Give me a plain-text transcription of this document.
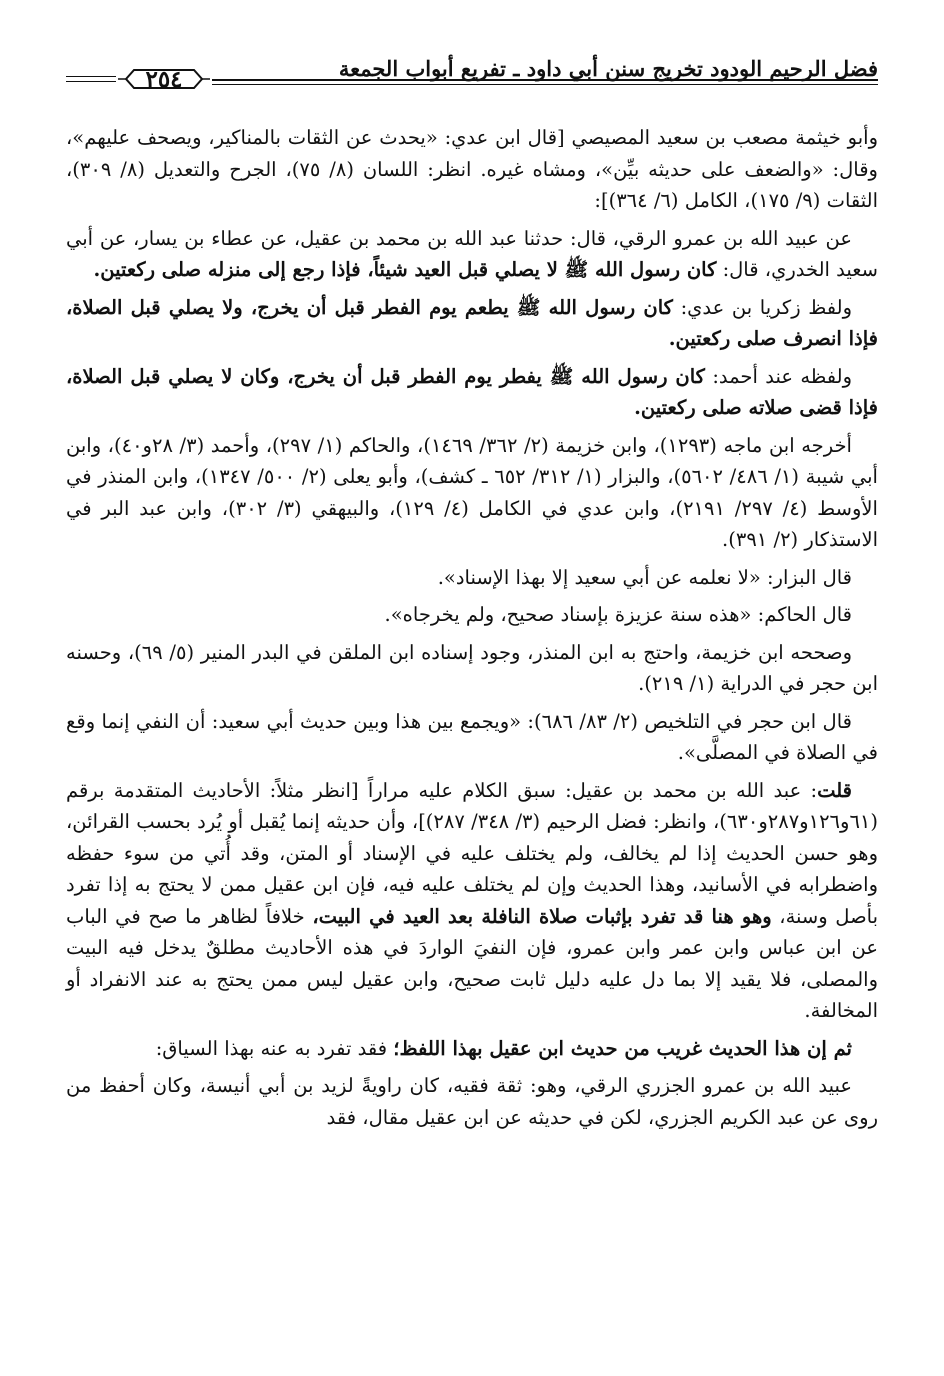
٢٥٤	فضل الرحيم الودود تخريج سنن أبي داود ـ تفريع أبواب الجمعة

وأبو خيثمة مصعب بن سعيد المصيصي [قال ابن عدي: «يحدث عن الثقات بالمناكير، ويصحف عليهم»، وقال: «والضعف على حديثه بيِّن»، ومشاه غيره. انظر: اللسان (٨/ ٧٥)، الجرح والتعديل (٨/ ٣٠٩)، الثقات (٩/ ١٧٥)، الكامل (٦/ ٣٦٤)]:

عن عبيد الله بن عمرو الرقي، قال: حدثنا عبد الله بن محمد بن عقيل، عن عطاء بن يسار، عن أبي سعيد الخدري، قال: كان رسول الله ﷺ لا يصلي قبل العيد شيئاً، فإذا رجع إلى منزله صلى ركعتين.

ولفظ زكريا بن عدي: كان رسول الله ﷺ يطعم يوم الفطر قبل أن يخرج، ولا يصلي قبل الصلاة، فإذا انصرف صلى ركعتين.

ولفظه عند أحمد: كان رسول الله ﷺ يفطر يوم الفطر قبل أن يخرج، وكان لا يصلي قبل الصلاة، فإذا قضى صلاته صلى ركعتين.

أخرجه ابن ماجه (١٢٩٣)، وابن خزيمة (٢/ ٣٦٢/ ١٤٦٩)، والحاكم (١/ ٢٩٧)، وأحمد (٣/ ٢٨و٤٠)، وابن أبي شيبة (١/ ٤٨٦/ ٥٦٠٢)، والبزار (١/ ٣١٢/ ٦٥٢ ـ كشف)، وأبو يعلى (٢/ ٥٠٠/ ١٣٤٧)، وابن المنذر في الأوسط (٤/ ٢٩٧/ ٢١٩١)، وابن عدي في الكامل (٤/ ١٢٩)، والبيهقي (٣/ ٣٠٢)، وابن عبد البر في الاستذكار (٢/ ٣٩١).

قال البزار: «لا نعلمه عن أبي سعيد إلا بهذا الإسناد».

قال الحاكم: «هذه سنة عزيزة بإسناد صحيح، ولم يخرجاه».

وصححه ابن خزيمة، واحتج به ابن المنذر، وجود إسناده ابن الملقن في البدر المنير (٥/ ٦٩)، وحسنه ابن حجر في الدراية (١/ ٢١٩).

قال ابن حجر في التلخيص (٢/ ٨٣/ ٦٨٦): «ويجمع بين هذا وبين حديث أبي سعيد: أن النفي إنما وقع في الصلاة في المصلَّى».

قلت: عبد الله بن محمد بن عقيل: سبق الكلام عليه مراراً [انظر مثلاً: الأحاديث المتقدمة برقم (٦١و١٢٦و٢٨٧و٦٣٠)، وانظر: فضل الرحيم (٣/ ٣٤٨/ ٢٨٧)]، وأن حديثه إنما يُقبل أو يُرد بحسب القرائن، وهو حسن الحديث إذا لم يخالف، ولم يختلف عليه في الإسناد أو المتن، وقد أُتي من سوء حفظه واضطرابه في الأسانيد، وهذا الحديث وإن لم يختلف عليه فيه، فإن ابن عقيل ممن لا يحتج به إذا تفرد بأصل وسنة، وهو هنا قد تفرد بإثبات صلاة النافلة بعد العيد في البيت، خلافاً لظاهر ما صح في الباب عن ابن عباس وابن عمر وابن عمرو، فإن النفيَ الواردَ في هذه الأحاديث مطلقٌ يدخل فيه البيت والمصلى، فلا يقيد إلا بما دل عليه دليل ثابت صحيح، وابن عقيل ليس ممن يحتج به عند الانفراد أو المخالفة.

ثم إن هذا الحديث غريب من حديث ابن عقيل بهذا اللفظ؛ فقد تفرد به عنه بهذا السياق:

عبيد الله بن عمرو الجزري الرقي، وهو: ثقة فقيه، كان راويةً لزيد بن أبي أنيسة، وكان أحفظ من روى عن عبد الكريم الجزري، لكن في حديثه عن ابن عقيل مقال، فقد
